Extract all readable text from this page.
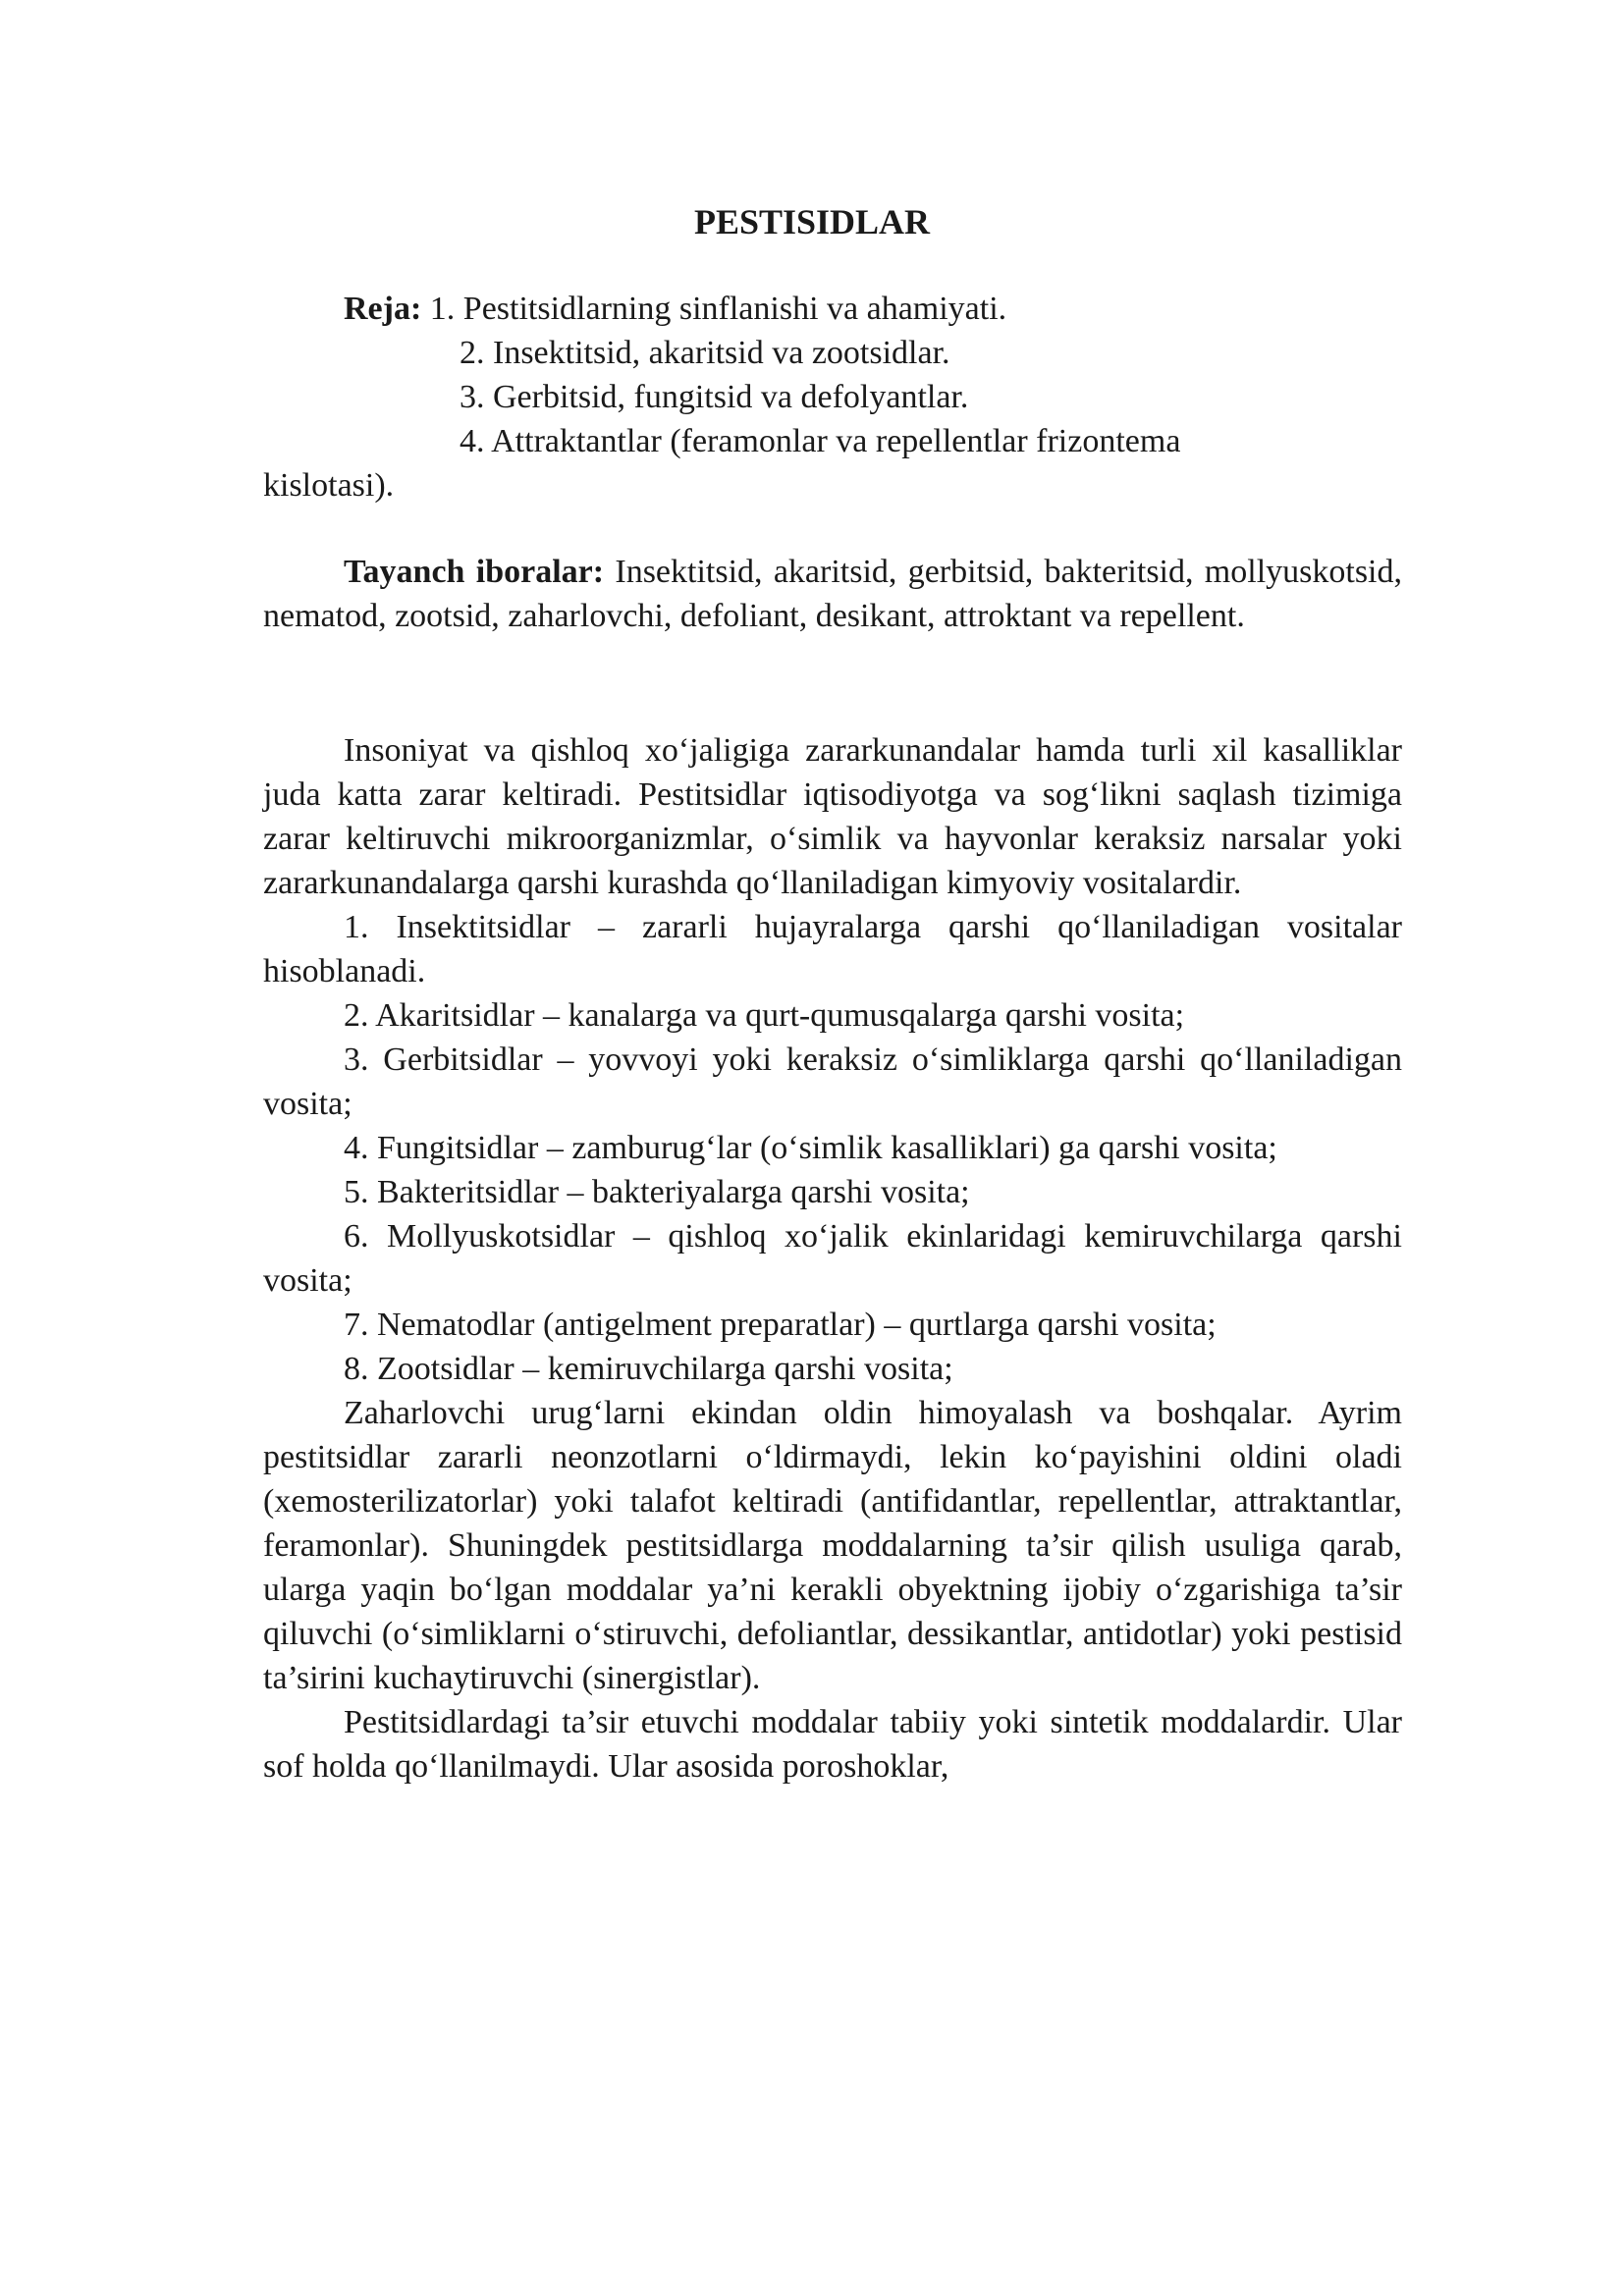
PESTISIDLAR
Reja: 1. Pestitsidlarning sinflanishi va ahamiyati.
2. Insektitsid, akaritsid va zootsidlar.
3. Gerbitsid, fungitsid va defolyantlar.
4. Attraktantlar (feramonlar va repellentlar frizontema
kislotasi).

Tayanch iboralar: Insektitsid, akaritsid, gerbitsid, bakteritsid, mollyuskotsid, nematod, zootsid, zaharlovchi, defoliant, desikant, attroktant va repellent.

Insoniyat va qishloq xo‘jaligiga zararkunandalar hamda turli xil kasalliklar juda katta zarar keltiradi. Pestitsidlar iqtisodiyotga va sog‘likni saqlash tizimiga zarar keltiruvchi mikroorganizmlar, o‘simlik va hayvonlar keraksiz narsalar yoki zararkunandalarga qarshi kurashda qo‘llaniladigan kimyoviy vositalardir.

1. Insektitsidlar – zararli hujayralarga qarshi qo‘llaniladigan vositalar hisoblanadi.
2. Akaritsidlar – kanalarga va qurt-qumusqalarga qarshi vosita;
3. Gerbitsidlar – yovvoyi yoki keraksiz o‘simliklarga qarshi qo‘llaniladigan vosita;
4. Fungitsidlar – zamburug‘lar (o‘simlik kasalliklari) ga qarshi vosita;
5. Bakteritsidlar – bakteriyalarga qarshi vosita;
6. Mollyuskotsidlar – qishloq xo‘jalik ekinlaridagi kemiruvchilarga qarshi vosita;
7. Nematodlar (antigelment preparatlar) – qurtlarga qarshi vosita;
8. Zootsidlar – kemiruvchilarga qarshi vosita;

Zaharlovchi urug‘larni ekindan oldin himoyalash va boshqalar. Ayrim pestitsidlar zararli neonzotlarni o‘ldirmaydi, lekin ko‘payishini oldini oladi (xemosterilizatorlar) yoki talafot keltiradi (antifidantlar, repellentlar, attraktantlar, feramonlar). Shuningdek pestitsidlarga moddalarning ta’sir qilish usuliga qarab, ularga yaqin bo‘lgan moddalar ya’ni kerakli obyektning ijobiy o‘zgarishiga ta’sir qiluvchi (o‘simliklarni o‘stiruvchi, defoliantlar, dessikantlar, antidotlar) yoki pestisid ta’sirini kuchaytiruvchi (sinergistlar).

Pestitsidlardagi ta’sir etuvchi moddalar tabiiy yoki sintetik moddalardir. Ular sof holda qo‘llanilmaydi. Ular asosida poroshoklar,
